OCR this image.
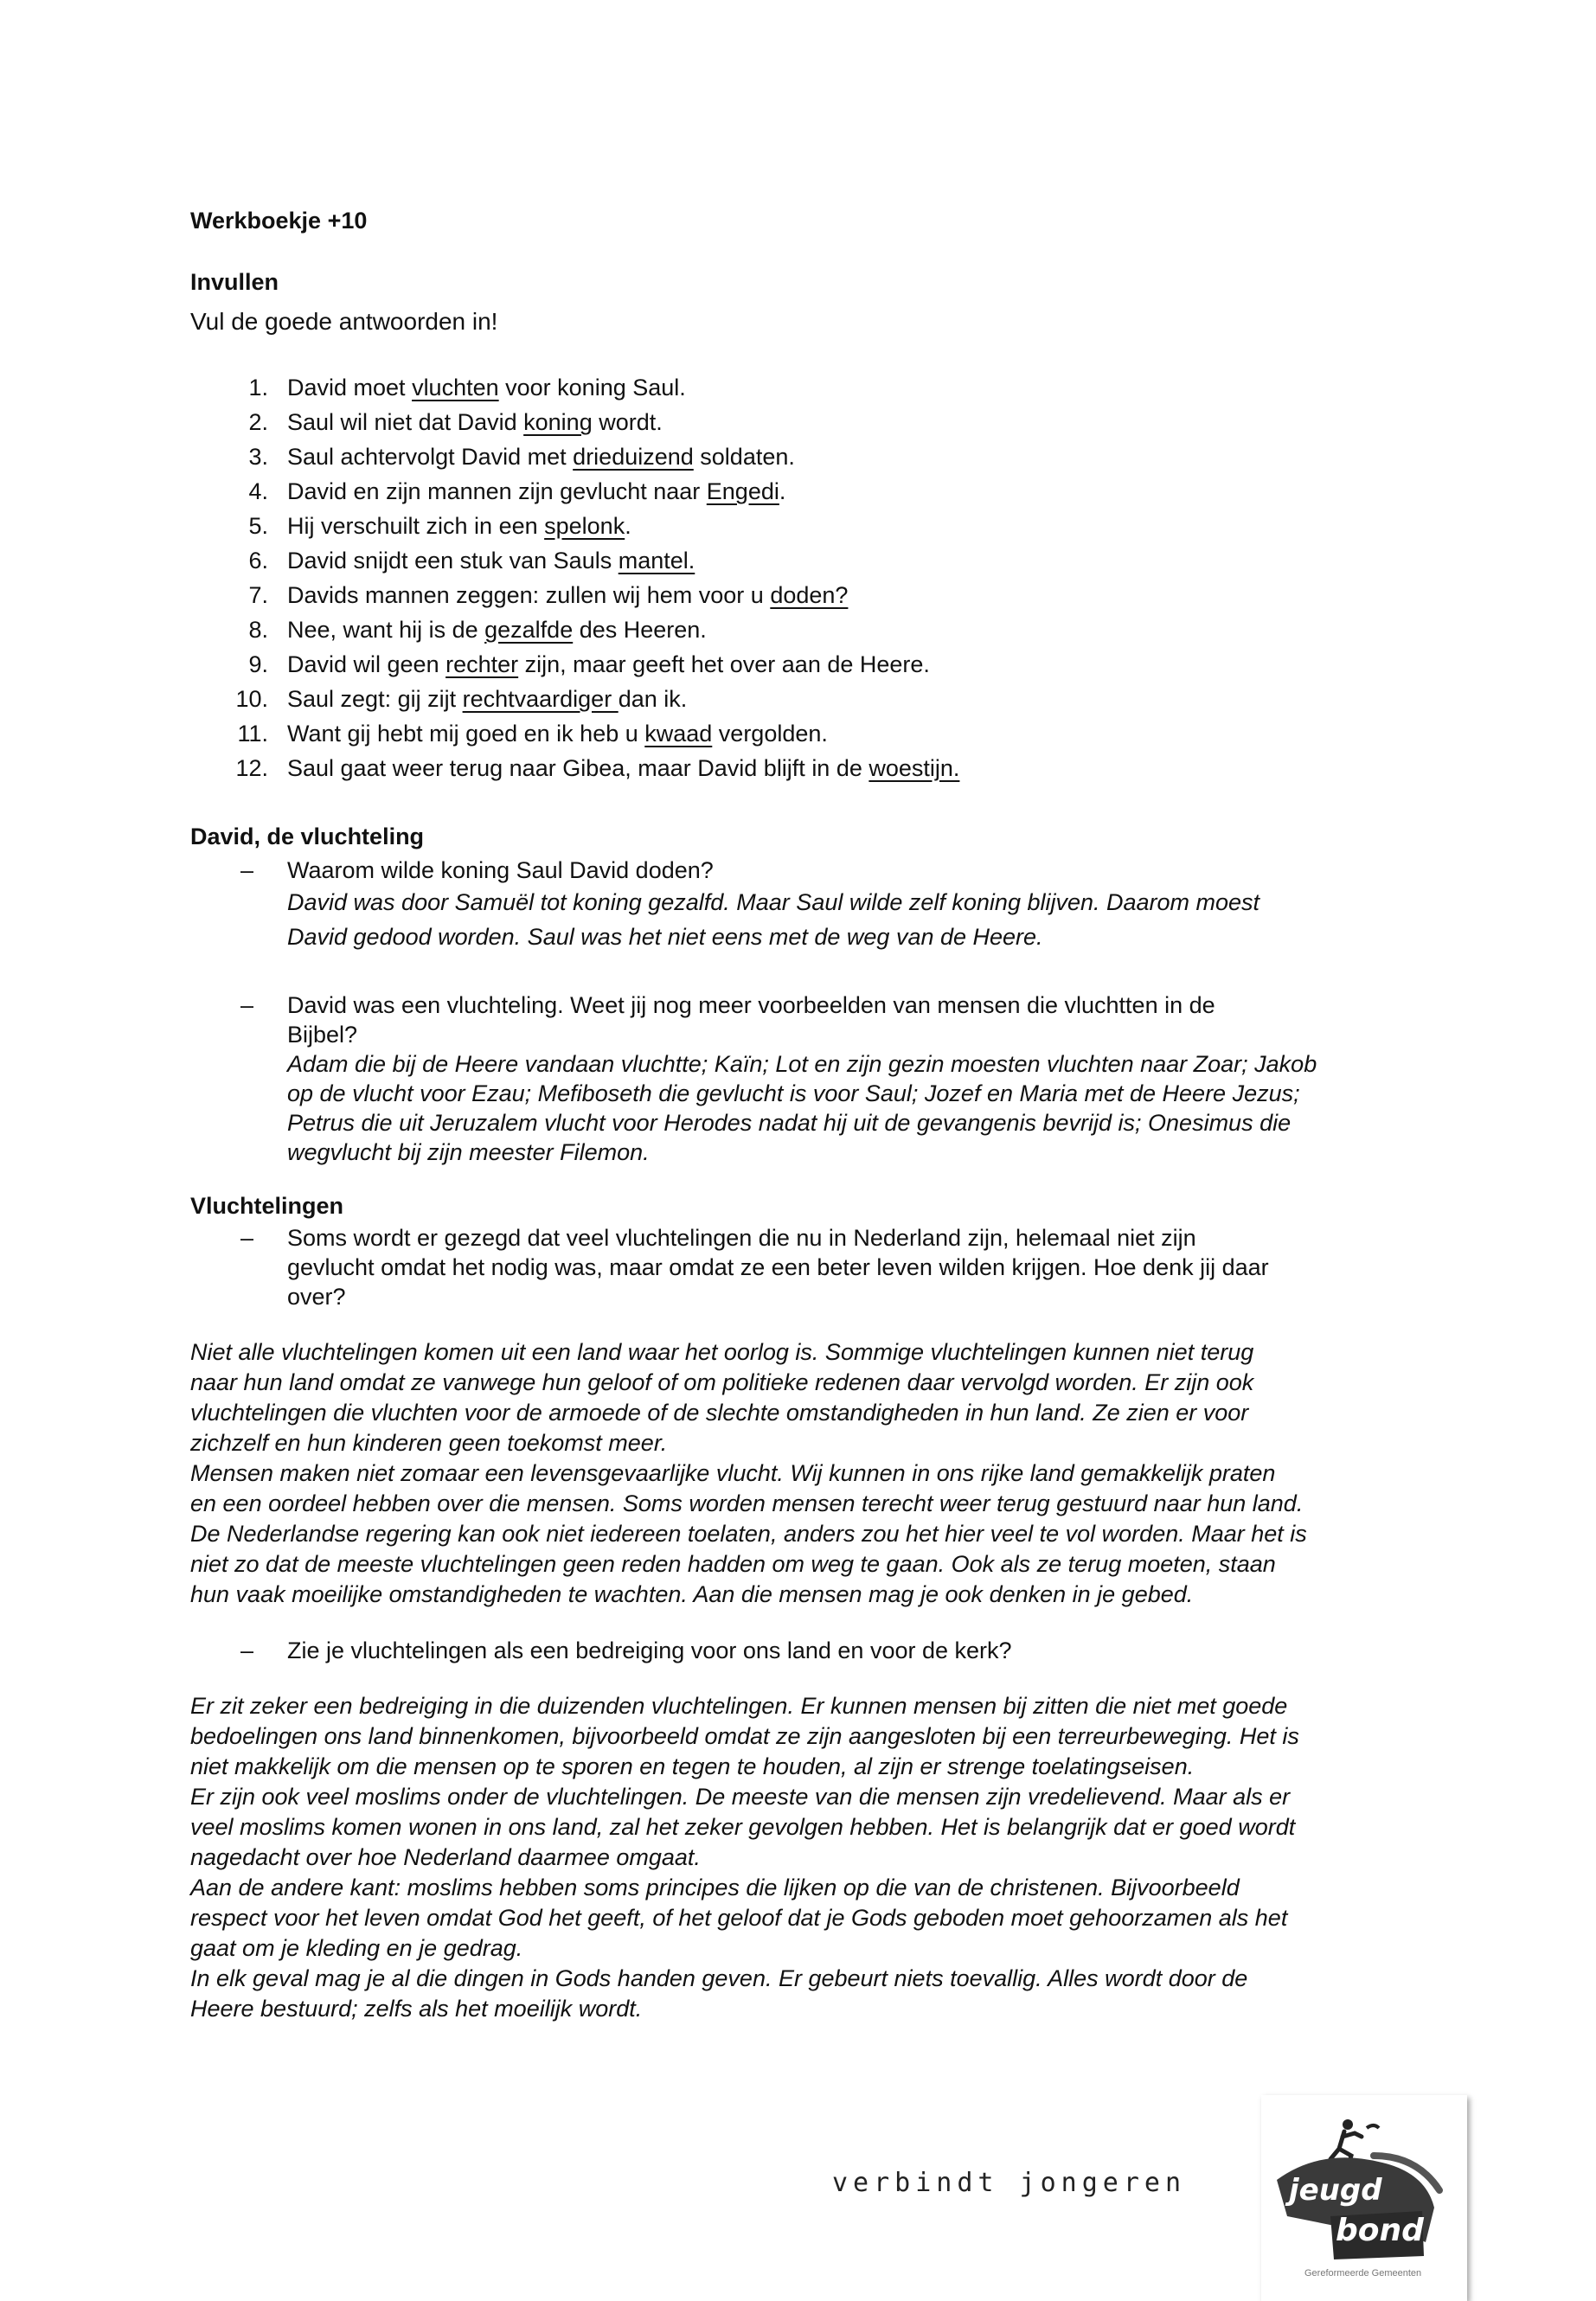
Werkboekje +10
Invullen
Vul de goede antwoorden in!
1. David moet vluchten voor koning Saul.
2. Saul wil niet dat David koning wordt.
3. Saul achtervolgt David met drieduizend soldaten.
4. David en zijn mannen zijn gevlucht naar Engedi.
5. Hij verschuilt zich in een spelonk.
6. David snijdt een stuk van Sauls mantel.
7. Davids mannen zeggen: zullen wij hem voor u doden?
8. Nee, want hij is de gezalfde des Heeren.
9. David wil geen rechter zijn, maar geeft het over aan de Heere.
10. Saul zegt: gij zijt rechtvaardiger dan ik.
11. Want gij hebt mij goed en ik heb u kwaad vergolden.
12. Saul gaat weer terug naar Gibea, maar David blijft in de woestijn.
David, de vluchteling
–	Waarom wilde koning Saul David doden?
David was door Samuël tot koning gezalfd. Maar Saul wilde zelf koning blijven. Daarom moest
David gedood worden. Saul was het niet eens met de weg van de Heere.
–	David was een vluchteling. Weet jij nog meer voorbeelden van mensen die vluchtten in de
Bijbel?
Adam die bij de Heere vandaan vluchtte; Kaïn; Lot en zijn gezin moesten vluchten naar Zoar; Jakob
op de vlucht voor Ezau; Mefiboseth die gevlucht is voor Saul; Jozef en Maria met de Heere Jezus;
Petrus die uit Jeruzalem vlucht voor Herodes nadat hij uit de gevangenis bevrijd is; Onesimus die
wegvlucht bij zijn meester Filemon.
Vluchtelingen
–	Soms wordt er gezegd dat veel vluchtelingen die nu in Nederland zijn, helemaal niet zijn
gevlucht omdat het nodig was, maar omdat ze een beter leven wilden krijgen. Hoe denk jij daar
over?

Niet alle vluchtelingen komen uit een land waar het oorlog is. Sommige vluchtelingen kunnen niet terug

naar hun land omdat ze vanwege hun geloof of om politieke redenen daar vervolgd worden. Er zijn ook

vluchtelingen die vluchten voor de armoede of de slechte omstandigheden in hun land. Ze zien er voor

zichzelf en hun kinderen geen toekomst meer.

Mensen maken niet zomaar een levensgevaarlijke vlucht. Wij kunnen in ons rijke land gemakkelijk praten

en een oordeel hebben over die mensen. Soms worden mensen terecht weer terug gestuurd naar hun land.

De Nederlandse regering kan ook niet iedereen toelaten, anders zou het hier veel te vol worden. Maar het is

niet zo dat de meeste vluchtelingen geen reden hadden om weg te gaan. Ook als ze terug moeten, staan

hun vaak moeilijke omstandigheden te wachten. Aan die mensen mag je ook denken in je gebed.

–	Zie je vluchtelingen als een bedreiging voor ons land en voor de kerk?

Er zit zeker een bedreiging in die duizenden vluchtelingen. Er kunnen mensen bij zitten die niet met goede

bedoelingen ons land binnenkomen, bijvoorbeeld omdat ze zijn aangesloten bij een terreurbeweging. Het is

niet makkelijk om die mensen op te sporen en tegen te houden, al zijn er strenge toelatingseisen.

Er zijn ook veel moslims onder de vluchtelingen. De meeste van die mensen zijn vredelievend. Maar als er

veel moslims komen wonen in ons land, zal het zeker gevolgen hebben. Het is belangrijk dat er goed wordt

nagedacht over hoe Nederland daarmee omgaat.

Aan de andere kant: moslims hebben soms principes die lijken op die van de christenen. Bijvoorbeeld

respect voor het leven omdat God het geeft, of het geloof dat je Gods geboden moet gehoorzamen als het

gaat om je kleding en je gedrag.

In elk geval mag je al die dingen in Gods handen geven. Er gebeurt niets toevallig. Alles wordt door de

Heere bestuurd; zelfs als het moeilijk wordt.

verbindt jongeren	jeugd
bond
Gereformeerde Gemeenten
